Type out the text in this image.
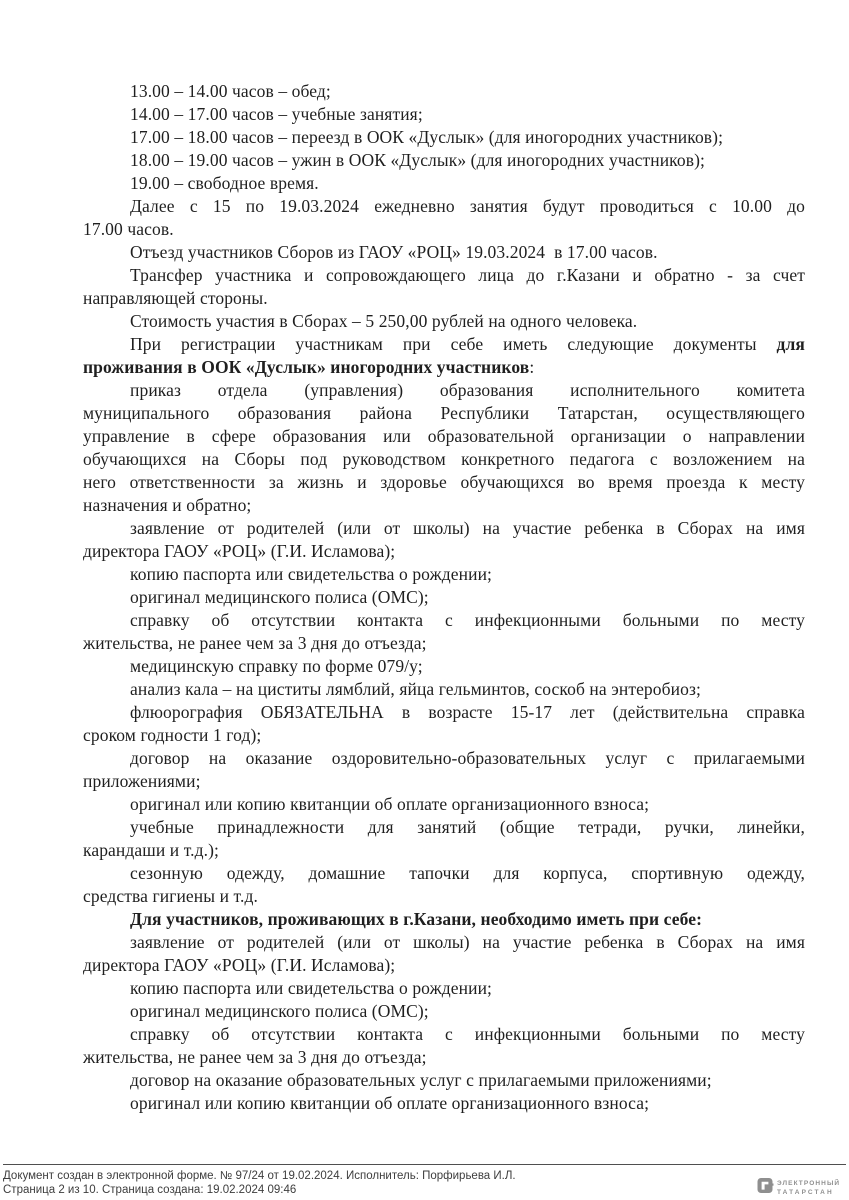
13.00 – 14.00 часов – обед;
14.00 – 17.00 часов – учебные занятия;
17.00 – 18.00 часов – переезд в ООК «Дуслык» (для иногородних участников);
18.00 – 19.00 часов – ужин в ООК «Дуслык» (для иногородних участников);
19.00 – свободное время.
Далее с 15 по 19.03.2024 ежедневно занятия будут проводиться с 10.00 до
17.00 часов.
Отъезд участников Сборов из ГАОУ «РОЦ» 19.03.2024  в 17.00 часов.
Трансфер участника и сопровождающего лица до г.Казани и обратно - за счет
направляющей стороны.
Стоимость участия в Сборах – 5 250,00 рублей на одного человека.
При регистрации участникам при себе иметь следующие документы для
проживания в ООК «Дуслык» иногородних участников:
приказ отдела (управления) образования исполнительного комитета
муниципального образования района Республики Татарстан, осуществляющего
управление в сфере образования или образовательной организации о направлении
обучающихся на Сборы под руководством конкретного педагога с возложением на
него ответственности за жизнь и здоровье обучающихся во время проезда к месту
назначения и обратно;
заявление от родителей (или от школы) на участие ребенка в Сборах на имя
директора ГАОУ «РОЦ» (Г.И. Исламова);
копию паспорта или свидетельства о рождении;
оригинал медицинского полиса (ОМС);
справку об отсутствии контакта с инфекционными больными по месту
жительства, не ранее чем за 3 дня до отъезда;
медицинскую справку по форме 079/у;
анализ кала – на циститы лямблий, яйца гельминтов, соскоб на энтеробиоз;
флюорография ОБЯЗАТЕЛЬНА в возрасте 15-17 лет (действительна справка
сроком годности 1 год);
договор на оказание оздоровительно-образовательных услуг с прилагаемыми
приложениями;
оригинал или копию квитанции об оплате организационного взноса;
учебные принадлежности для занятий (общие тетради, ручки, линейки,
карандаши и т.д.);
сезонную одежду, домашние тапочки для корпуса, спортивную одежду,
средства гигиены и т.д.
Для участников, проживающих в г.Казани, необходимо иметь при себе:
заявление от родителей (или от школы) на участие ребенка в Сборах на имя
директора ГАОУ «РОЦ» (Г.И. Исламова);
копию паспорта или свидетельства о рождении;
оригинал медицинского полиса (ОМС);
справку об отсутствии контакта с инфекционными больными по месту
жительства, не ранее чем за 3 дня до отъезда;
договор на оказание образовательных услуг с прилагаемыми приложениями;
оригинал или копию квитанции об оплате организационного взноса;
Документ создан в электронной форме. № 97/24 от 19.02.2024. Исполнитель: Порфирьева И.Л.
Страница 2 из 10. Страница создана: 19.02.2024 09:46
ЭЛЕКТРОННЫЙ
ТАТАРСТАН
